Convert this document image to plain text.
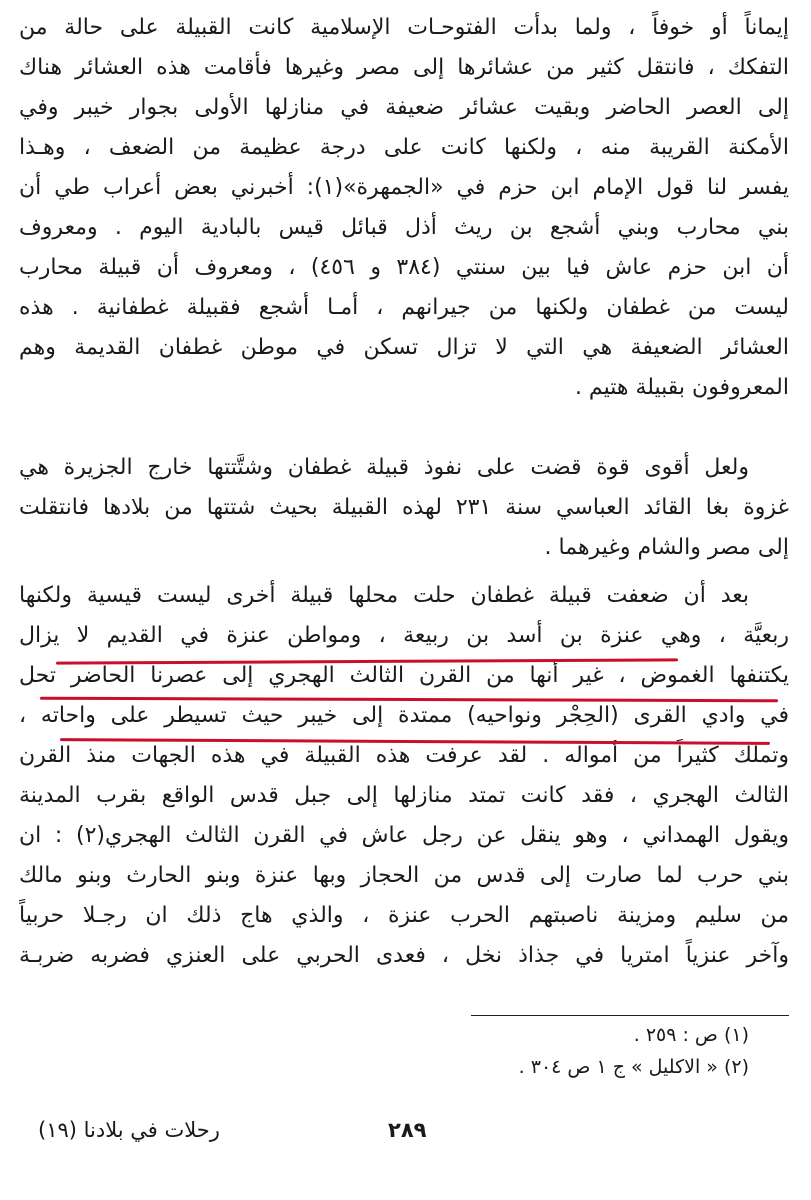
إيماناً أو خوفاً ، ولما بدأت الفتوحـات الإسلامية كانت القبيلة على حالة من
التفكك ، فانتقل كثير من عشائرها إلى مصر وغيرها فأقامت هذه العشائر هناك
إلى العصر الحاضر وبقيت عشائر ضعيفة في منازلها الأولى بجوار خيبر وفي
الأمكنة القريبة منه ، ولكنها كانت على درجة عظيمة من الضعف ، وهـذا
يفسر لنا قول الإمام ابن حزم في «الجمهرة»(١): أخبرني بعض أعراب طي أن
بني محارب وبني أشجع بن ريث أذل قبائل قيس بالبادية اليوم . ومعروف
أن ابن حزم عاش فيا بين سنتي (٣٨٤ و ٤٥٦) ، ومعروف أن قبيلة محارب
ليست من غطفان ولكنها من جيرانهم ، أمـا أشجع فقبيلة غطفانية . هذه
العشائر الضعيفة هي التي لا تزال تسكن في موطن غطفان القديمة وهم
المعروفون بقبيلة هتيم .
ولعل أقوى قوة قضت على نفوذ قبيلة غطفان وشتَّتتها خارج الجزيرة هي
غزوة بغا القائد العباسي سنة ٢٣١ لهذه القبيلة بحيث شتتها من بلادها فانتقلت
إلى مصر والشام وغيرهما .
بعد أن ضعفت قبيلة غطفان حلت محلها قبيلة أخرى ليست قيسية ولكنها
ربعيَّة ، وهي عنزة بن أسد بن ربيعة ، ومواطن عنزة في القديم لا يزال
يكتنفها الغموض ، غير أنها من القرن الثالث الهجري إلى عصرنا الحاضر تحل
في وادي القرى (الحِجْر ونواحيه) ممتدة إلى خيبر حيث تسيطر على واحاته ،
وتملك كثيراً من أمواله . لقد عرفت هذه القبيلة في هذه الجهات منذ القرن
الثالث الهجري ، فقد كانت تمتد منازلها إلى جبل قدس الواقع بقرب المدينة
ويقول الهمداني ، وهو ينقل عن رجل عاش في القرن الثالث الهجري(٢) : ان
بني حرب لما صارت إلى قدس من الحجاز وبها عنزة وبنو الحارث وبنو مالك
من سليم ومزينة ناصبتهم الحرب عنزة ، والذي هاج ذلك ان رجـلا حربياً
وآخر عنزياً امتريا في جذاذ نخل ، فعدى الحربي على العنزي فضربه ضربـة
(١) ص : ٢٥٩ .
(٢) « الاكليل » ج ١ ص ٣٠٤ .
٢٨٩
رحلات في بلادنا (١٩)
